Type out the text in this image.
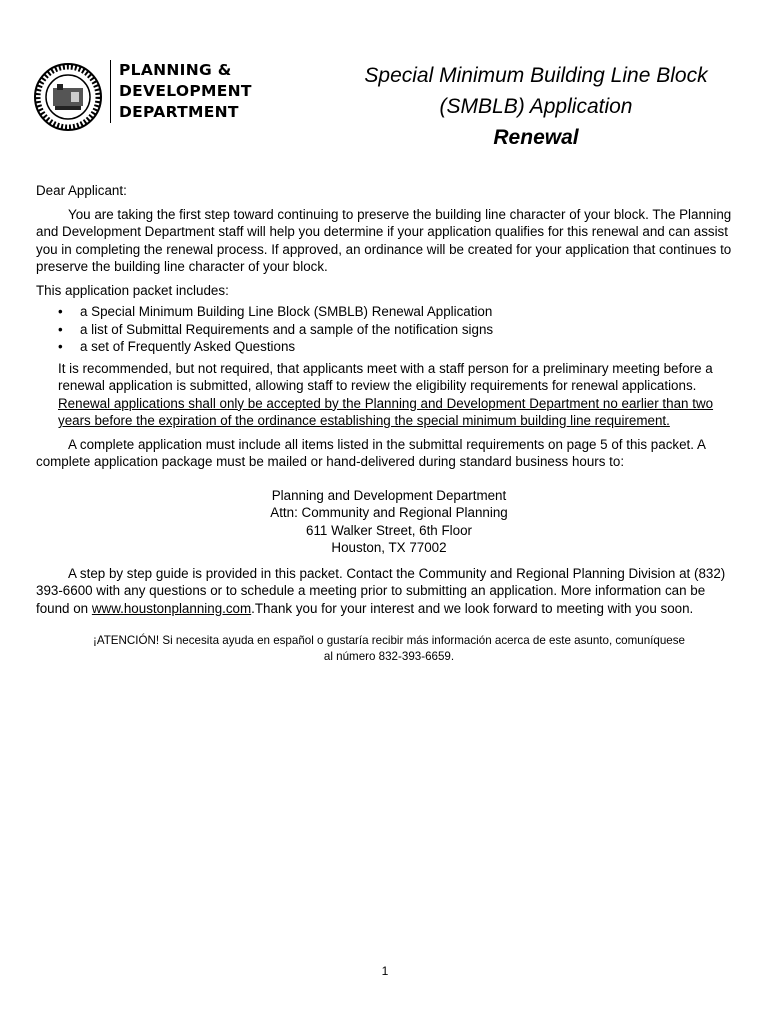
PLANNING &
DEVELOPMENT
DEPARTMENT
Special Minimum Building Line Block
(SMBLB) Application
Renewal

Dear Applicant:

You are taking the first step toward continuing to preserve the building line character of your block. The Planning and Development Department staff will help you determine if your application qualifies for this renewal and can assist you in completing the renewal process. If approved, an ordinance will be created for your application that continues to preserve the building line character of your block.

This application packet includes:

• a Special Minimum Building Line Block (SMBLB) Renewal Application
• a list of Submittal Requirements and a sample of the notification signs
• a set of Frequently Asked Questions

It is recommended, but not required, that applicants meet with a staff person for a preliminary meeting before a renewal application is submitted, allowing staff to review the eligibility requirements for renewal applications. Renewal applications shall only be accepted by the Planning and Development Department no earlier than two years before the expiration of the ordinance establishing the special minimum building line requirement.

A complete application must include all items listed in the submittal requirements on page 5 of this packet. A complete application package must be mailed or hand-delivered during standard business hours to:

Planning and Development Department
Attn: Community and Regional Planning
611 Walker Street, 6th Floor
Houston, TX 77002

A step by step guide is provided in this packet. Contact the Community and Regional Planning Division at (832) 393-6600 with any questions or to schedule a meeting prior to submitting an application. More information can be found on www.houstonplanning.com.Thank you for your interest and we look forward to meeting with you soon.

¡ATENCIÓN! Si necesita ayuda en español o gustaría recibir más información acerca de este asunto, comuníquese
al número 832-393-6659.
1
